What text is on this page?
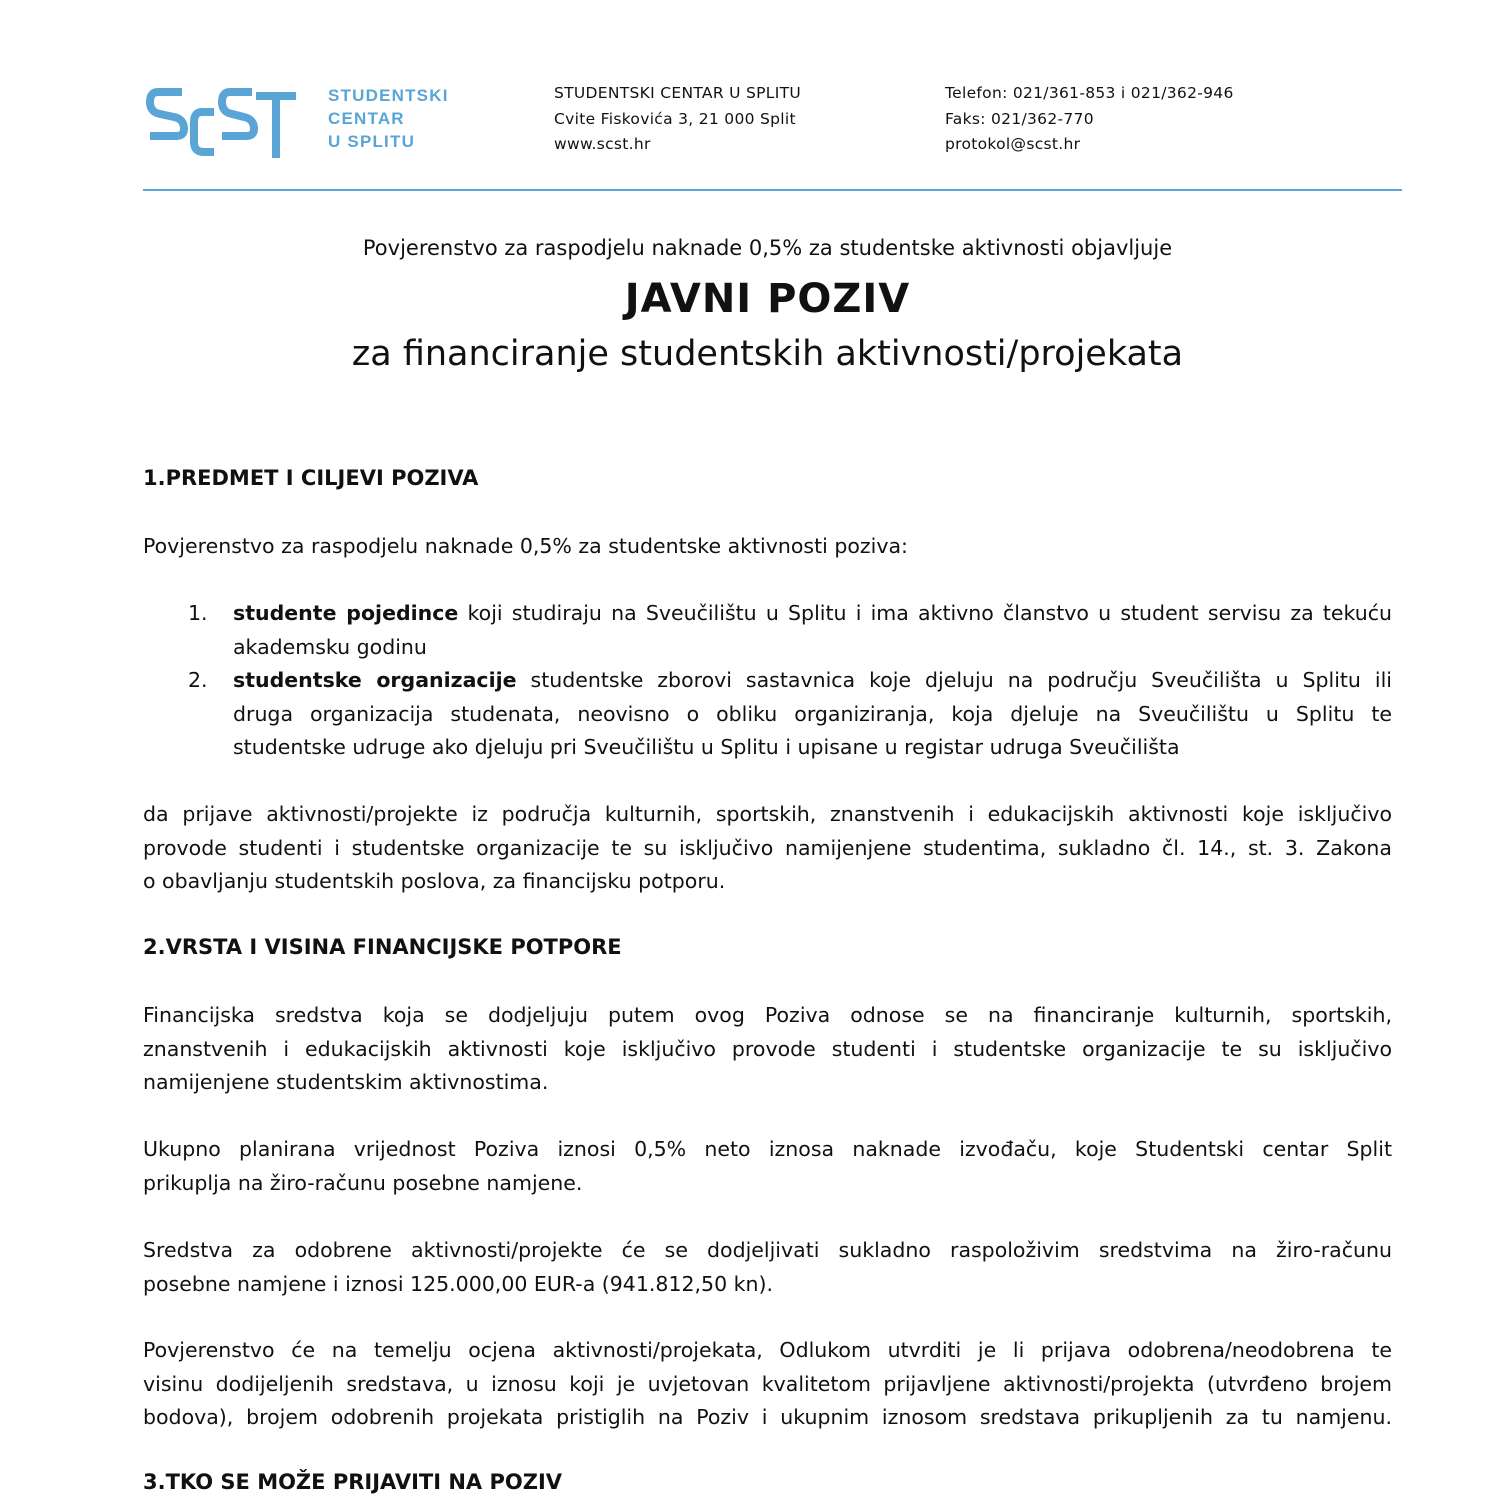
STUDENTSKI
CENTAR
U SPLITU
STUDENTSKI CENTAR U SPLITU
Cvite Fiskovića 3, 21 000 Split
www.scst.hr
Telefon: 021/361-853 i 021/362-946
Faks: 021/362-770
protokol@scst.hr
Povjerenstvo za raspodjelu naknade 0,5% za studentske aktivnosti objavljuje
JAVNI POZIV
za financiranje studentskih aktivnosti/projekata
1.PREDMET I CILJEVI POZIVA
Povjerenstvo za raspodjelu naknade 0,5% za studentske aktivnosti poziva:
1. studente pojedince koji studiraju na Sveučilištu u Splitu i ima aktivno članstvo u student servisu za tekuću
akademsku godinu
2. studentske organizacije studentske zborovi sastavnica koje djeluju na području Sveučilišta u Splitu ili
druga organizacija studenata, neovisno o obliku organiziranja, koja djeluje na Sveučilištu u Splitu te
studentske udruge ako djeluju pri Sveučilištu u Splitu i upisane u registar udruga Sveučilišta
da prijave aktivnosti/projekte iz područja kulturnih, sportskih, znanstvenih i edukacijskih aktivnosti koje isključivo
provode studenti i studentske organizacije te su isključivo namijenjene studentima, sukladno čl. 14., st. 3. Zakona
o obavljanju studentskih poslova, za financijsku potporu.
2.VRSTA I VISINA FINANCIJSKE POTPORE
Financijska sredstva koja se dodjeljuju putem ovog Poziva odnose se na financiranje kulturnih, sportskih,
znanstvenih i edukacijskih aktivnosti koje isključivo provode studenti i studentske organizacije te su isključivo
namijenjene studentskim aktivnostima.
Ukupno planirana vrijednost Poziva iznosi 0,5% neto iznosa naknade izvođaču, koje Studentski centar Split
prikuplja na žiro-računu posebne namjene.
Sredstva za odobrene aktivnosti/projekte će se dodjeljivati sukladno raspoloživim sredstvima na žiro-računu
posebne namjene i iznosi 125.000,00 EUR-a (941.812,50 kn).
Povjerenstvo će na temelju ocjena aktivnosti/projekata, Odlukom utvrditi je li prijava odobrena/neodobrena te
visinu dodijeljenih sredstava, u iznosu koji je uvjetovan kvalitetom prijavljene aktivnosti/projekta (utvrđeno brojem
bodova), brojem odobrenih projekata pristiglih na Poziv i ukupnim iznosom sredstava prikupljenih za tu namjenu.
3.TKO SE MOŽE PRIJAVITI NA POZIV
